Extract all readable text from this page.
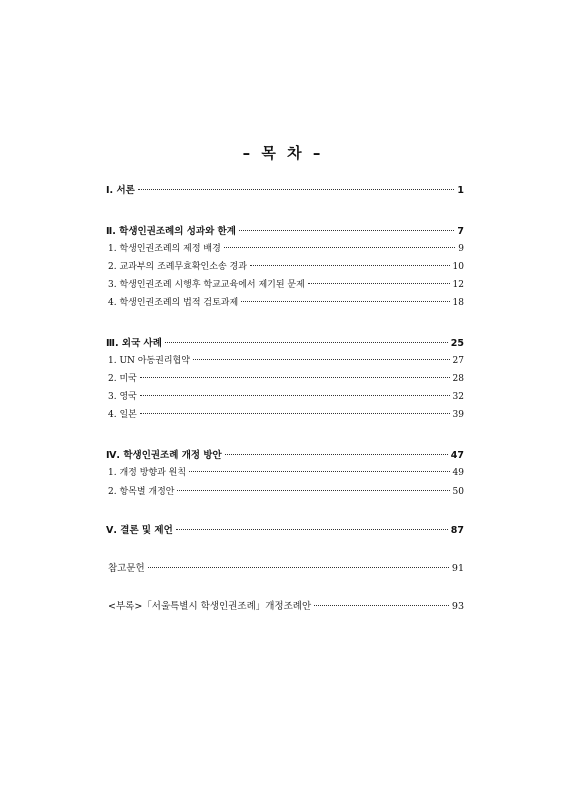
– 목 차 –
Ⅰ. 서론	1
Ⅱ. 학생인권조례의 성과와 한계	7
1. 학생인권조례의 제정 배경	9
2. 교과부의 조례무효확인소송 경과	10
3. 학생인권조례 시행후 학교교육에서 제기된 문제	12
4. 학생인권조례의 법적 검토과제	18
Ⅲ. 외국 사례	25
1. UN 아동권리협약	27
2. 미국	28
3. 영국	32
4. 일본	39
Ⅳ. 학생인권조례 개정 방안	47
1. 개정 방향과 원칙	49
2. 항목별 개정안	50
Ⅴ. 결론 및 제언	87
참고문헌	91
<부록>「서울특별시 학생인권조례」개정조례안	93
